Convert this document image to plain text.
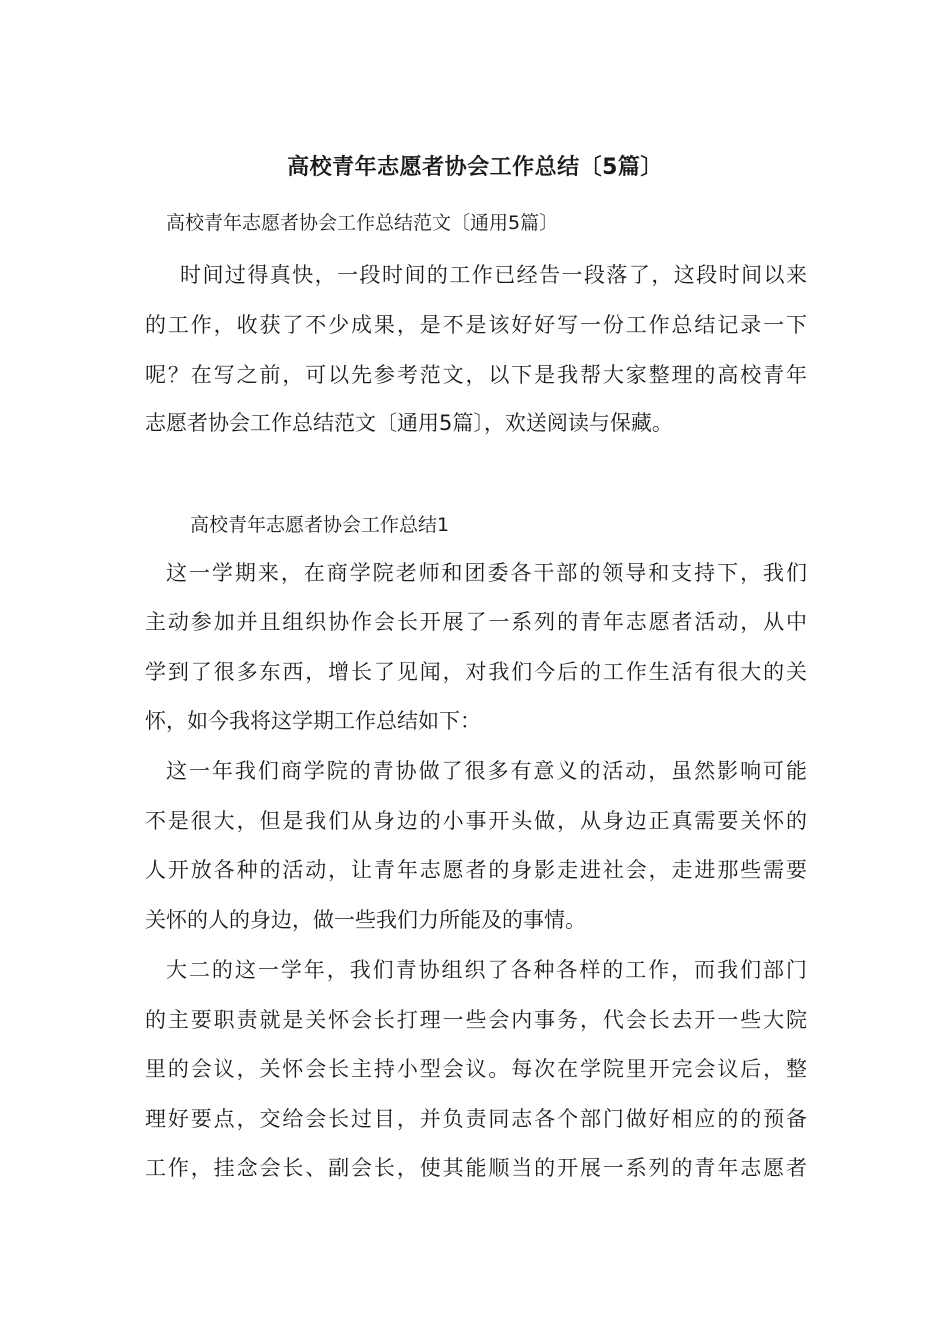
高校青年志愿者协会工作总结〔5篇〕
高校青年志愿者协会工作总结范文〔通用5篇〕
时间过得真快，一段时间的工作已经告一段落了，这段时间以来
的工作，收获了不少成果，是不是该好好写一份工作总结记录一下
呢？在写之前，可以先参考范文，以下是我帮大家整理的高校青年
志愿者协会工作总结范文〔通用5篇〕，欢送阅读与保藏。
高校青年志愿者协会工作总结1
这一学期来，在商学院老师和团委各干部的领导和支持下，我们
主动参加并且组织协作会长开展了一系列的青年志愿者活动，从中
学到了很多东西，增长了见闻，对我们今后的工作生活有很大的关
怀，如今我将这学期工作总结如下：
这一年我们商学院的青协做了很多有意义的活动，虽然影响可能
不是很大，但是我们从身边的小事开头做，从身边正真需要关怀的
人开放各种的活动，让青年志愿者的身影走进社会，走进那些需要
关怀的人的身边，做一些我们力所能及的事情。
大二的这一学年，我们青协组织了各种各样的工作，而我们部门
的主要职责就是关怀会长打理一些会内事务，代会长去开一些大院
里的会议，关怀会长主持小型会议。每次在学院里开完会议后，整
理好要点，交给会长过目，并负责同志各个部门做好相应的的预备
工作，挂念会长、副会长，使其能顺当的开展一系列的青年志愿者
